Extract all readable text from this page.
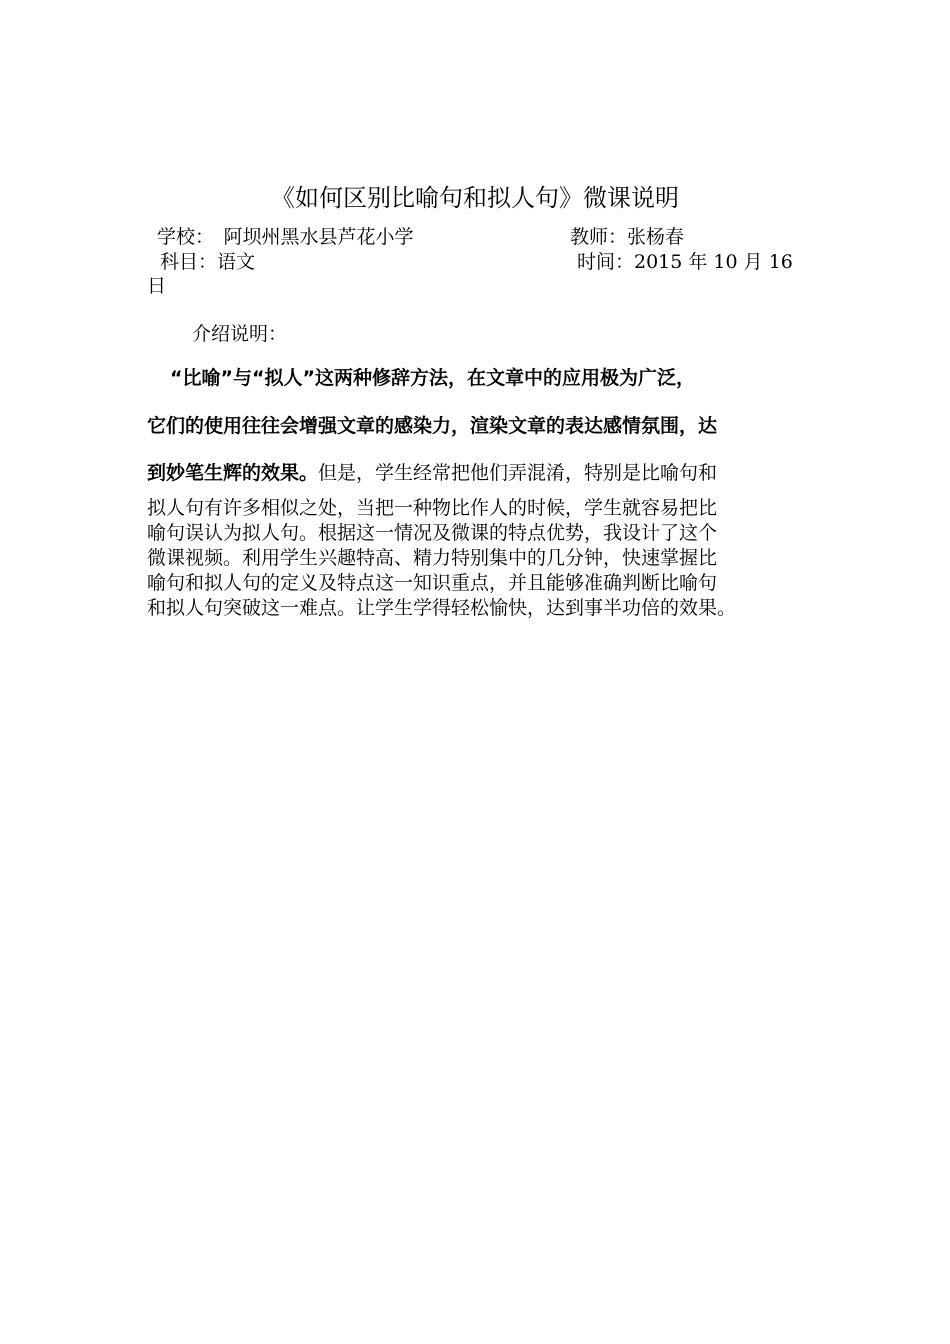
《如何区别比喻句和拟人句》微课说明
学校：　阿坝州黑水县芦花小学	教师：张杨春
科目：语文	时间：2015 年 10 月 16
日
介绍说明：
“比喻”与“拟人”这两种修辞方法，在文章中的应用极为广泛，
它们的使用往往会增强文章的感染力，渲染文章的表达感情氛围，达
到妙笔生辉的效果。但是，学生经常把他们弄混淆，特别是比喻句和
拟人句有许多相似之处，当把一种物比作人的时候，学生就容易把比
喻句误认为拟人句。根据这一情况及微课的特点优势，我设计了这个
微课视频。利用学生兴趣特高、精力特别集中的几分钟，快速掌握比
喻句和拟人句的定义及特点这一知识重点，并且能够准确判断比喻句
和拟人句突破这一难点。让学生学得轻松愉快，达到事半功倍的效果。
